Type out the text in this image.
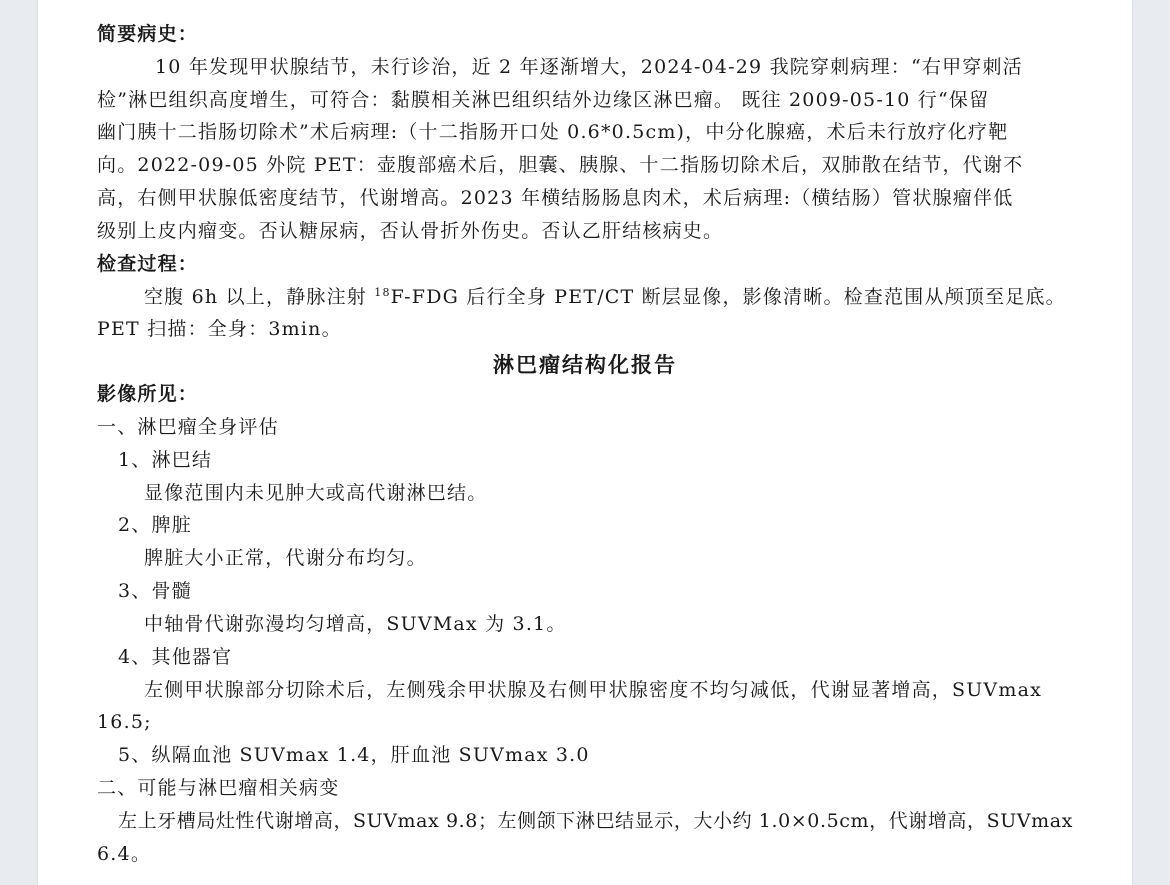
简要病史：
10 年发现甲状腺结节，未行诊治，近 2 年逐渐增大，2024-04-29 我院穿刺病理：“右甲穿刺活
检”淋巴组织高度增生，可符合：黏膜相关淋巴组织结外边缘区淋巴瘤。 既往 2009-05-10 行“保留
幽门胰十二指肠切除术”术后病理:（十二指肠开口处 0.6*0.5cm)，中分化腺癌，术后未行放疗化疗靶
向。2022-09-05 外院 PET：壶腹部癌术后，胆囊、胰腺、十二指肠切除术后，双肺散在结节，代谢不
高，右侧甲状腺低密度结节，代谢增高。2023 年横结肠肠息肉术，术后病理:（横结肠）管状腺瘤伴低
级别上皮内瘤变。否认糖尿病，否认骨折外伤史。否认乙肝结核病史。
检查过程：
空腹 6h 以上，静脉注射 $^{18}$F-FDG 后行全身 PET/CT 断层显像，影像清晰。检查范围从颅顶至足底。
PET 扫描：全身：3min。
淋巴瘤结构化报告
影像所见：
一、淋巴瘤全身评估
1、淋巴结
显像范围内未见肿大或高代谢淋巴结。
2、脾脏
脾脏大小正常，代谢分布均匀。
3、骨髓
中轴骨代谢弥漫均匀增高，SUVMax 为 3.1。
4、其他器官
左侧甲状腺部分切除术后，左侧残余甲状腺及右侧甲状腺密度不均匀减低，代谢显著增高，SUVmax
16.5;
5、纵隔血池 SUVmax 1.4，肝血池 SUVmax 3.0
二、可能与淋巴瘤相关病变
左上牙槽局灶性代谢增高，SUVmax 9.8；左侧颌下淋巴结显示，大小约 1.0×0.5cm，代谢增高，SUVmax
6.4。
